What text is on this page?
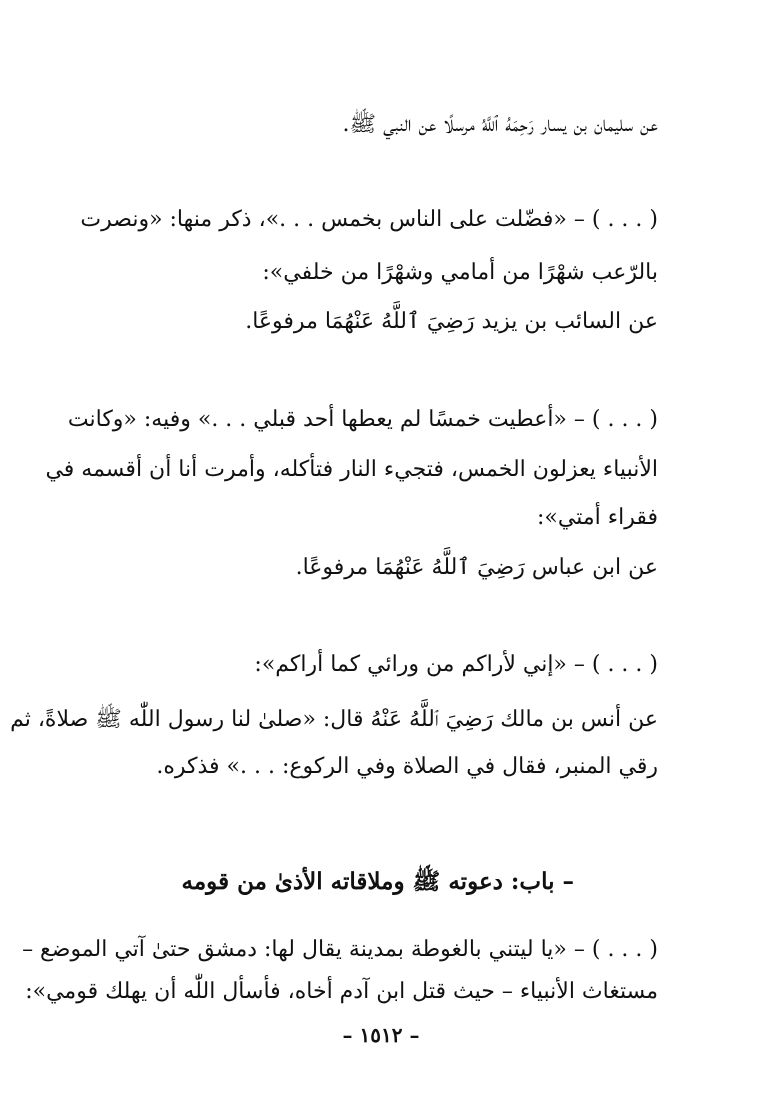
عن سليمان بن يسار رَحِمَهُ ٱللَّهُ مرسلًا عن النبي ﷺ.
( . . . ) – «فضّلت على الناس بخمس . . .»، ذكر منها: «ونصرت
بالرّعب شهْرًا من أمامي وشهْرًا من خلفي»:
عن السائب بن يزيد رَضِيَ ٱللَّهُ عَنْهُمَا مرفوعًا.
( . . . ) – «أعطيت خمسًا لم يعطها أحد قبلي . . .» وفيه: «وكانت
الأنبياء يعزلون الخمس، فتجيء النار فتأكله، وأمرت أنا أن أقسمه في
فقراء أمتي»:
عن ابن عباس رَضِيَ ٱللَّهُ عَنْهُمَا مرفوعًا.
( . . . ) – «إني لأراكم من ورائي كما أراكم»:
عن أنس بن مالك رَضِيَ ٱللَّهُ عَنْهُ قال: «صلىٰ لنا رسول اللّٰه ﷺ صلاةً، ثم
رقي المنبر، فقال في الصلاة وفي الركوع: . . .» فذكره.
– باب: دعوته ﷺ وملاقاته الأذىٰ من قومه
( . . . ) – «يا ليتني بالغوطة بمدينة يقال لها: دمشق حتىٰ آتي الموضع –
مستغاث الأنبياء – حيث قتل ابن آدم أخاه، فأسأل اللّٰه أن يهلك قومي»:
– ١٥١٢ –
